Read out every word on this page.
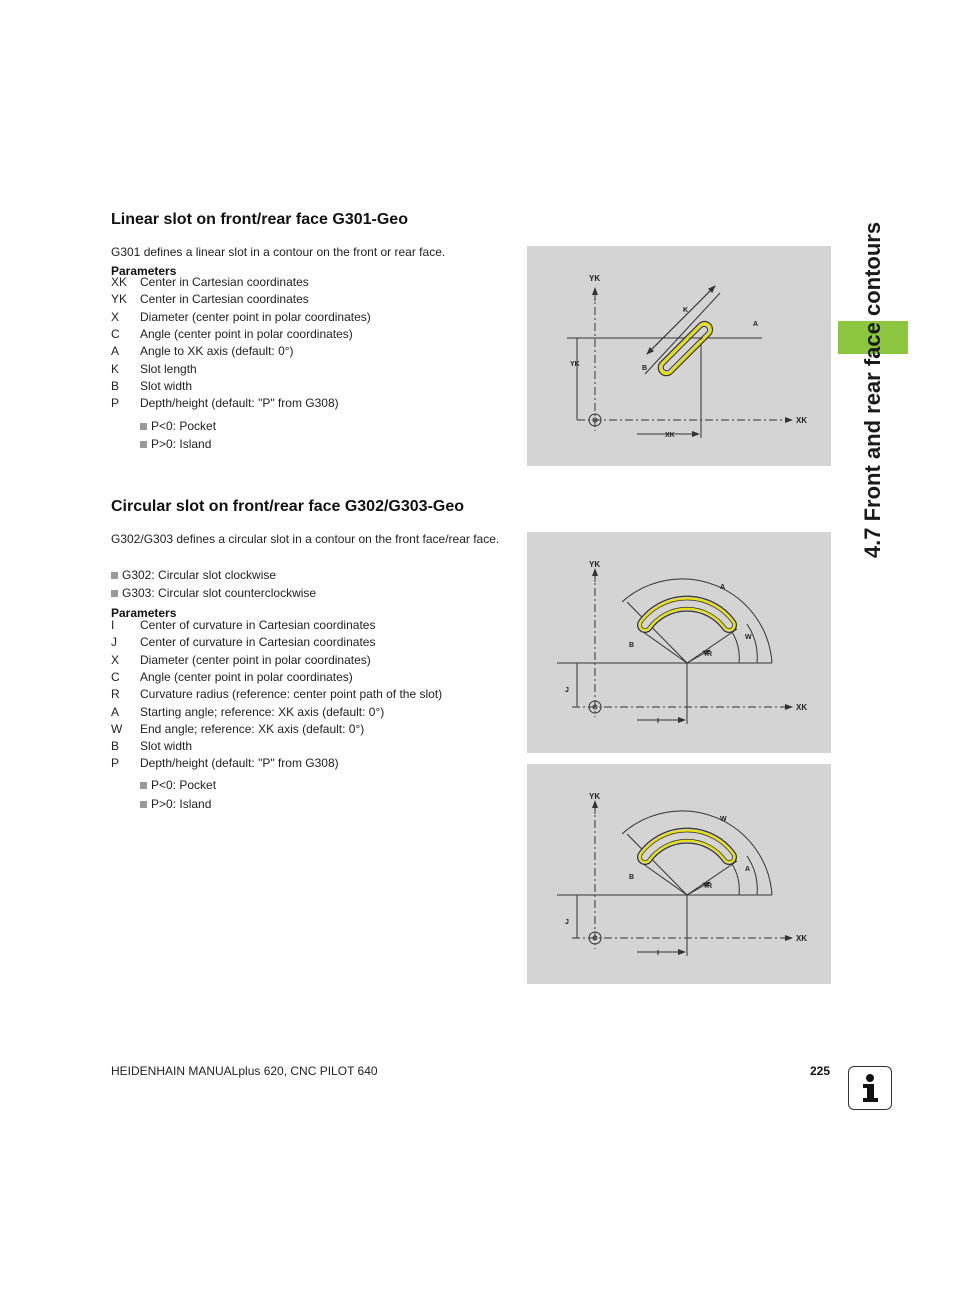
4.7 Front and rear face contours
Linear slot on front/rear face G301-Geo
G301 defines a linear slot in a contour on the front or rear face.
Parameters
XK Center in Cartesian coordinates
YK Center in Cartesian coordinates
X Diameter (center point in polar coordinates)
C Angle (center point in polar coordinates)
A Angle to XK axis (default: 0°)
K Slot length
B Slot width
P Depth/height (default: "P" from G308)
P<0: Pocket
P>0: Island
Circular slot on front/rear face G302/G303-Geo
G302/G303 defines a circular slot in a contour on the front face/rear face.
G302: Circular slot clockwise
G303: Circular slot counterclockwise
Parameters
I Center of curvature in Cartesian coordinates
J Center of curvature in Cartesian coordinates
X Diameter (center point in polar coordinates)
C Angle (center point in polar coordinates)
R Curvature radius (reference: center point path of the slot)
A Starting angle; reference: XK axis (default: 0°)
W End angle; reference: XK axis (default: 0°)
B Slot width
P Depth/height (default: "P" from G308)
P<0: Pocket
P>0: Island
YK
XK
K
A
B
YK
XK
YK
XK
A
W
B
R
J
I
YK
XK
W
A
B
R
J
I
HEIDENHAIN MANUALplus 620, CNC PILOT 640	225
